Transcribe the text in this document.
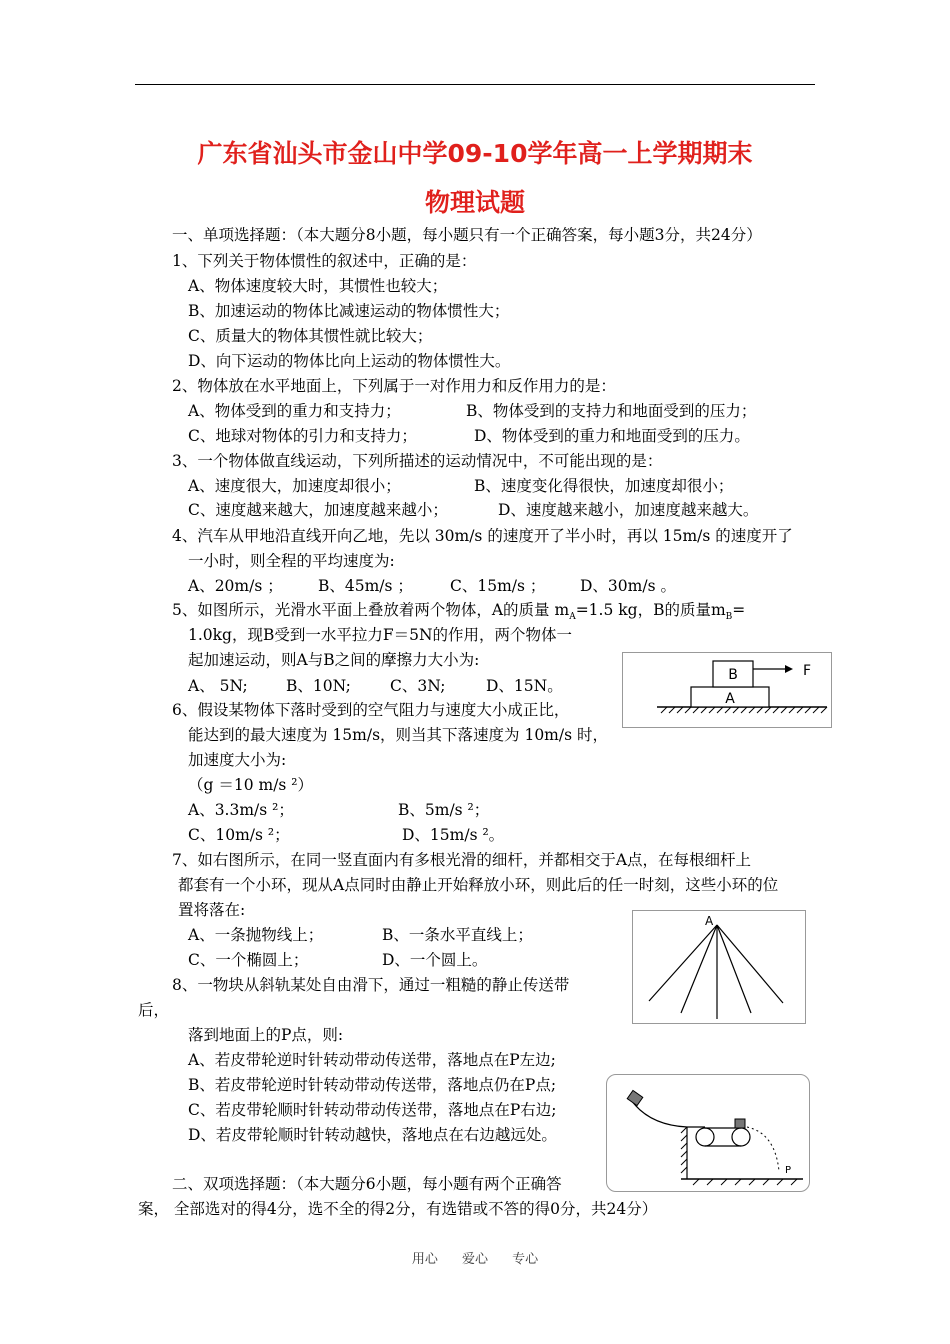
广东省汕头市金山中学09-10学年高一上学期期末
物理试题
一、单项选择题：（本大题分8小题，每小题只有一个正确答案，每小题3分，共24分）
1、下列关于物体惯性的叙述中，正确的是：
A、物体速度较大时，其惯性也较大；
B、加速运动的物体比减速运动的物体惯性大；
C、质量大的物体其惯性就比较大；
D、向下运动的物体比向上运动的物体惯性大。
2、物体放在水平地面上，下列属于一对作用力和反作用力的是：
A、物体受到的重力和支持力；	B、物体受到的支持力和地面受到的压力；
C、地球对物体的引力和支持力；	D、物体受到的重力和地面受到的压力。
3、一个物体做直线运动，下列所描述的运动情况中，不可能出现的是：
A、速度很大，加速度却很小；	B、速度变化得很快，加速度却很小；
C、速度越来越大，加速度越来越小；	D、速度越来越小，加速度越来越大。
4、汽车从甲地沿直线开向乙地，先以 30m/s 的速度开了半小时，再以 15m/s 的速度开了
一小时，则全程的平均速度为:
A、20m/s ； B、45m/s ； C、15m/s ； D、30m/s 。
5、如图所示，光滑水平面上叠放着两个物体，A的质量 $m_A=1.5$ kg，B的质量$m_B=$
1.0kg，现B受到一水平拉力F＝5N的作用，两个物体一
起加速运动，则A与B之间的摩擦力大小为:
A、 5N; B、10N;	C、3N;	D、15N。
B
A
F
6、假设某物体下落时受到的空气阻力与速度大小成正比，
能达到的最大速度为 15m/s，则当其下落速度为 10m/s 时，
加速度大小为:
（g ＝10 m/s ²）
A、3.3m/s ²；	B、5m/s ²；
C、10m/s ²；	D、15m/s ²。
7、如右图所示，在同一竖直面内有多根光滑的细杆，并都相交于A点，在每根细杆上
都套有一个小环，现从A点同时由静止开始释放小环，则此后的任一时刻，这些小环的位
置将落在:
A、一条抛物线上；	B、一条水平直线上；
C、一个椭圆上；	D、一个圆上。
A
8、一物块从斜轨某处自由滑下，通过一粗糙的静止传送带
后，
落到地面上的P点，则:
A、若皮带轮逆时针转动带动传送带，落地点在P左边;
B、若皮带轮逆时针转动带动传送带，落地点仍在P点;
C、若皮带轮顺时针转动带动传送带，落地点在P右边;
D、若皮带轮顺时针转动越快，落地点在右边越远处。
P
二、双项选择题：（本大题分6小题，每小题有两个正确答
案， 全部选对的得4分，选不全的得2分，有选错或不答的得0分，共24分）
用心 爱心 专心
